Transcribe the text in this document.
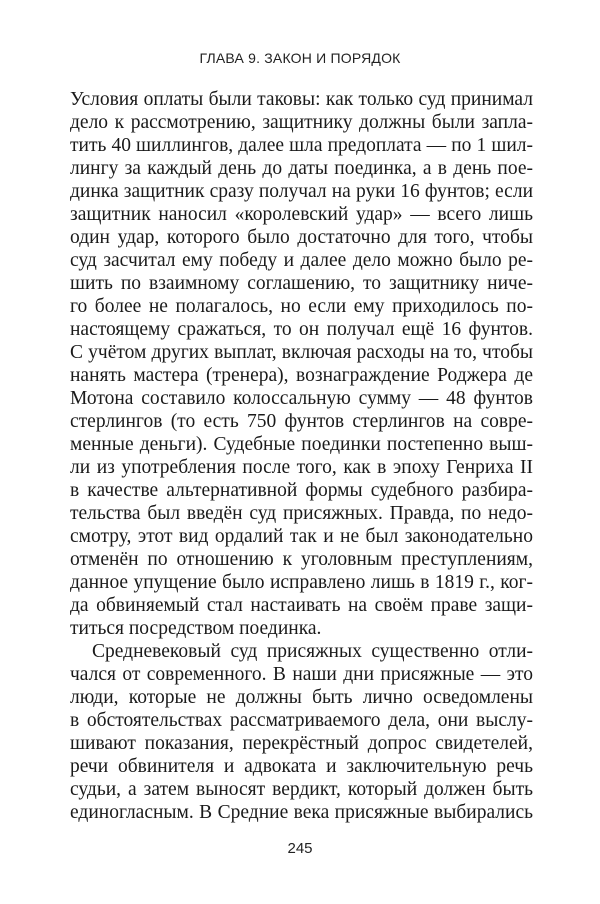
ГЛАВА 9. ЗАКОН И ПОРЯДОК
Условия оплаты были таковы: как только суд принимал
дело к рассмотрению, защитнику должны были запла-
тить 40 шиллингов, далее шла предоплата — по 1 шил-
лингу за каждый день до даты поединка, а в день пое-
динка защитник сразу получал на руки 16 фунтов; если
защитник наносил «королевский удар» — всего лишь
один удар, которого было достаточно для того, чтобы
суд засчитал ему победу и далее дело можно было ре-
шить по взаимному соглашению, то защитнику ниче-
го более не полагалось, но если ему приходилось по-
настоящему сражаться, то он получал ещё 16 фунтов.
С учётом других выплат, включая расходы на то, чтобы
нанять мастера (тренера), вознаграждение Роджера де
Мотона составило колоссальную сумму — 48 фунтов
стерлингов (то есть 750 фунтов стерлингов на совре-
менные деньги). Судебные поединки постепенно выш-
ли из употребления после того, как в эпоху Генриха II
в качестве альтернативной формы судебного разбира-
тельства был введён суд присяжных. Правда, по недо-
смотру, этот вид ордалий так и не был законодательно
отменён по отношению к уголовным преступлениям,
данное упущение было исправлено лишь в 1819 г., ког-
да обвиняемый стал настаивать на своём праве защи-
титься посредством поединка.
Средневековый суд присяжных существенно отли-
чался от современного. В наши дни присяжные — это
люди, которые не должны быть лично осведомлены
в обстоятельствах рассматриваемого дела, они выслу-
шивают показания, перекрёстный допрос свидетелей,
речи обвинителя и адвоката и заключительную речь
судьи, а затем выносят вердикт, который должен быть
единогласным. В Средние века присяжные выбирались
245
